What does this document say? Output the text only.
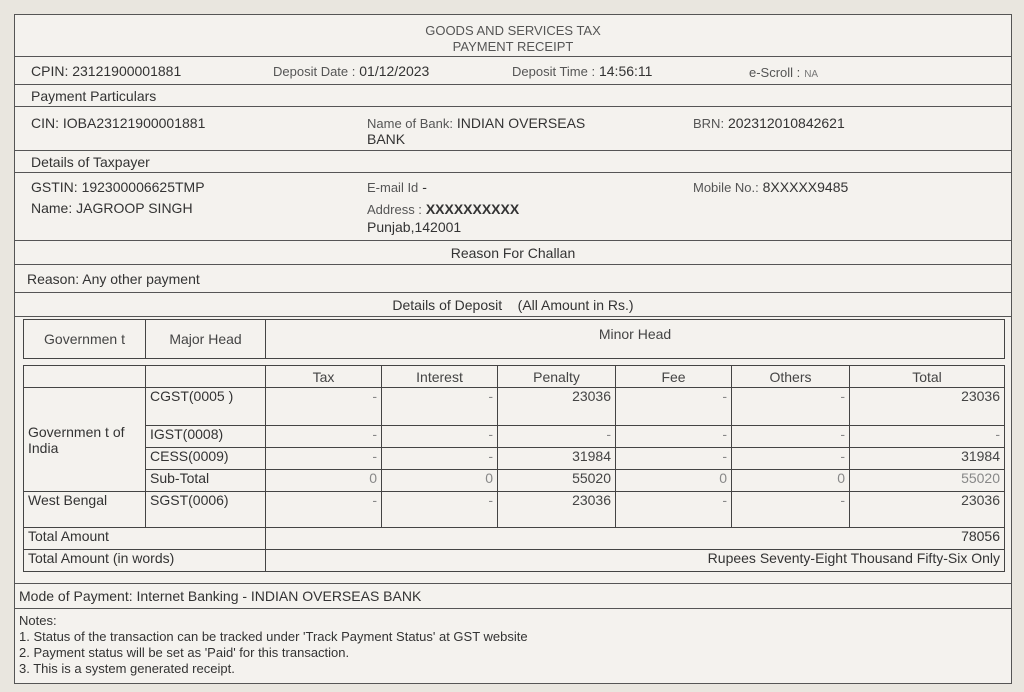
GOODS AND SERVICES TAX
PAYMENT RECEIPT
CPIN: 23121900001881	Deposit Date : 01/12/2023	Deposit Time : 14:56:11	e-Scroll : NA
Payment Particulars
CIN: IOBA23121900001881	Name of Bank: INDIAN OVERSEAS
BANK
BRN: 202312010842621
Details of Taxpayer
GSTIN: 192300006625TMP
Name: JAGROOP SINGH
E-mail Id -
Address : XXXXXXXXXX
Punjab,142001
Mobile No.: 8XXXXX9485
Reason For Challan
Reason: Any other payment
Details of Deposit (All Amount in Rs.)
Governmen t	Major Head	Minor Head
		Tax	Interest	Penalty	Fee	Others	Total
Governmen t of India	CGST(0005 )	-	-	23036	-	-	23036
	IGST(0008)	-	-	-	-	-	-
	CESS(0009)	-	-	31984	-	-	31984
	Sub-Total	0	0	55020	0	0	55020
West Bengal	SGST(0006)	-	-	23036	-	-	23036
Total Amount		78056					
Total Amount (in words)		Rupees Seventy-Eight Thousand Fifty-Six Only					
Mode of Payment: Internet Banking - INDIAN OVERSEAS BANK
Notes:
1. Status of the transaction can be tracked under 'Track Payment Status' at GST website
2. Payment status will be set as 'Paid' for this transaction.
3. This is a system generated receipt.
